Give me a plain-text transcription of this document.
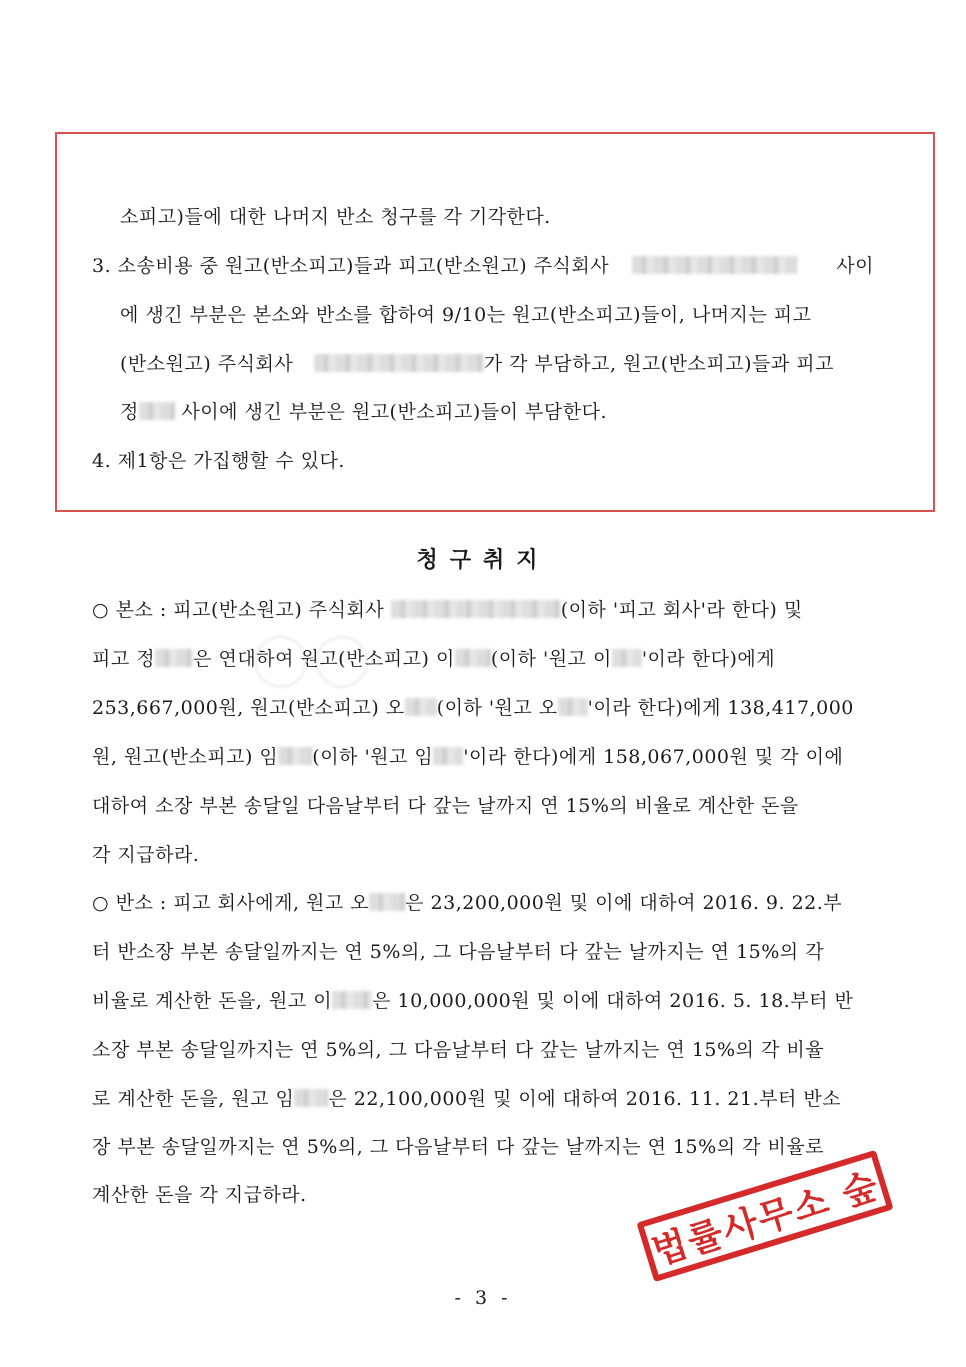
소피고)들에 대한 나머지 반소 청구를 각 기각한다.
3. 소송비용 중 원고(반소피고)들과 피고(반소원고) 주식회사	사이
에 생긴 부분은 본소와 반소를 합하여 9/10는 원고(반소피고)들이, 나머지는 피고
(반소원고) 주식회사	가 각 부담하고, 원고(반소피고)들과 피고
정 사이에 생긴 부분은 원고(반소피고)들이 부담한다.
4. 제1항은 가집행할 수 있다.
청구취지
○ 본소 : 피고(반소원고) 주식회사	(이하 '피고 회사'라 한다) 및
피고 정 은 연대하여 원고(반소피고) 이 (이하 '원고 이 '이라 한다)에게
253,667,000원, 원고(반소피고) 오 (이하 '원고 오 '이라 한다)에게 138,417,000
원, 원고(반소피고) 임 (이하 '원고 임 '이라 한다)에게 158,067,000원 및 각 이에
대하여 소장 부본 송달일 다음날부터 다 갚는 날까지 연 15%의 비율로 계산한 돈을
각 지급하라.
○ 반소 : 피고 회사에게, 원고 오 은 23,200,000원 및 이에 대하여 2016. 9. 22.부
터 반소장 부본 송달일까지는 연 5%의, 그 다음날부터 다 갚는 날까지는 연 15%의 각
비율로 계산한 돈을, 원고 이 은 10,000,000원 및 이에 대하여 2016. 5. 18.부터 반
소장 부본 송달일까지는 연 5%의, 그 다음날부터 다 갚는 날까지는 연 15%의 각 비율
로 계산한 돈을, 원고 임 은 22,100,000원 및 이에 대하여 2016. 11. 21.부터 반소
장 부본 송달일까지는 연 5%의, 그 다음날부터 다 갚는 날까지는 연 15%의 각 비율로
계산한 돈을 각 지급하라.
- 3 -
법률사무소 숲
